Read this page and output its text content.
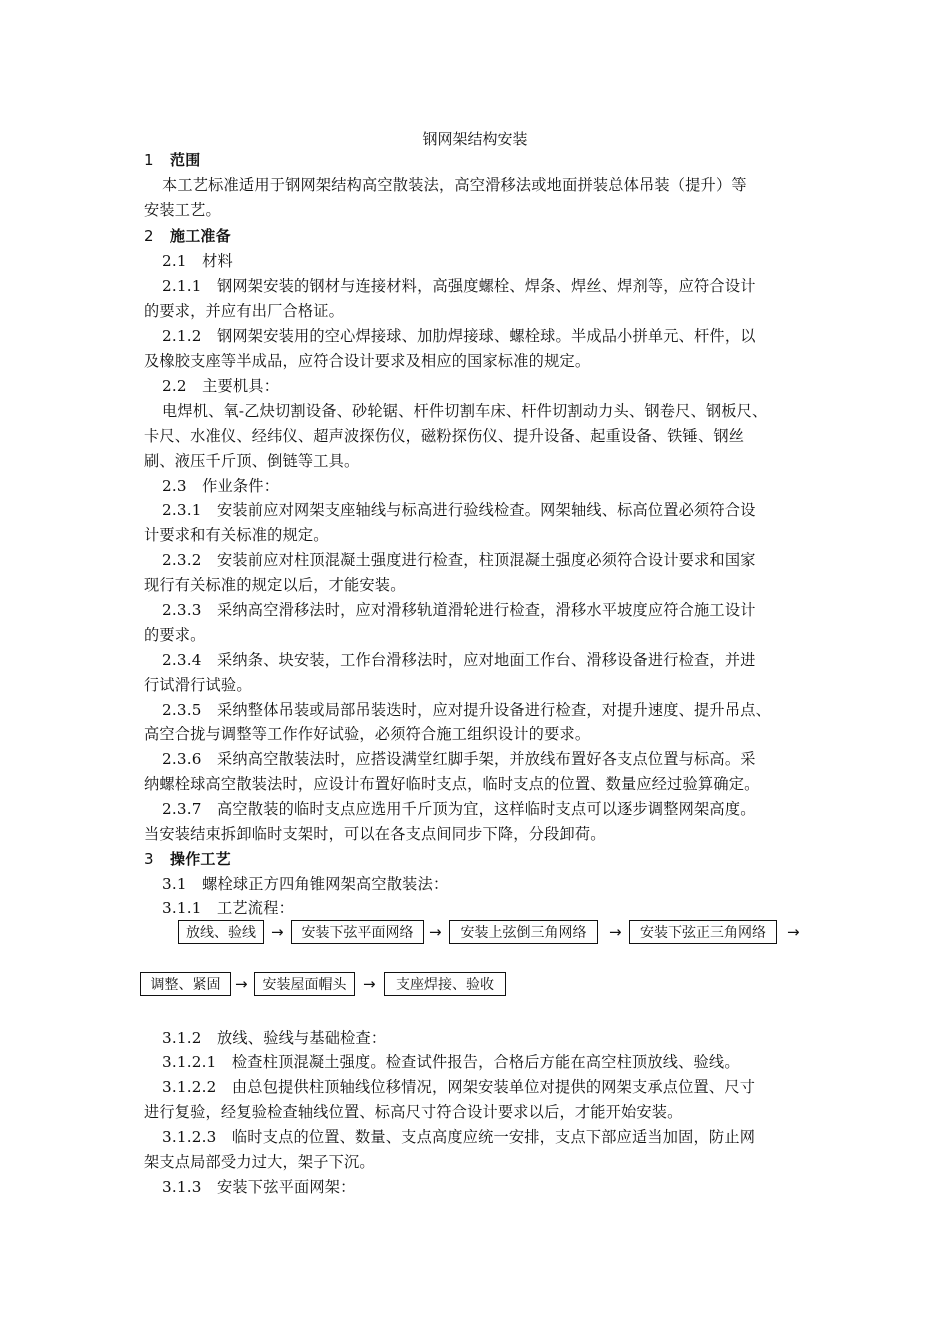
钢网架结构安装
1 范围
本工艺标准适用于钢网架结构高空散装法，高空滑移法或地面拼装总体吊装（提升）等
安装工艺。
2 施工准备
2.1　材料
2.1.1　钢网架安装的钢材与连接材料，高强度螺栓、焊条、焊丝、焊剂等，应符合设计
的要求，并应有出厂合格证。
2.1.2　钢网架安装用的空心焊接球、加肋焊接球、螺栓球。半成品小拼单元、杆件，以
及橡胶支座等半成品，应符合设计要求及相应的国家标准的规定。
2.2　主要机具：
电焊机、氧-乙炔切割设备、砂轮锯、杆件切割车床、杆件切割动力头、钢卷尺、钢板尺、
卡尺、水准仪、经纬仪、超声波探伤仪，磁粉探伤仪、提升设备、起重设备、铁锤、钢丝
刷、液压千斤顶、倒链等工具。
2.3　作业条件：
2.3.1　安装前应对网架支座轴线与标高进行验线检查。网架轴线、标高位置必须符合设
计要求和有关标准的规定。
2.3.2　安装前应对柱顶混凝土强度进行检查，柱顶混凝土强度必须符合设计要求和国家
现行有关标准的规定以后，才能安装。
2.3.3　采纳高空滑移法时，应对滑移轨道滑轮进行检查，滑移水平坡度应符合施工设计
的要求。
2.3.4　采纳条、块安装，工作台滑移法时，应对地面工作台、滑移设备进行检查，并进
行试滑行试验。
2.3.5　采纳整体吊装或局部吊装迭时，应对提升设备进行检查，对提升速度、提升吊点、
高空合拢与调整等工作作好试验，必须符合施工组织设计的要求。
2.3.6　采纳高空散装法时，应搭设满堂红脚手架，并放线布置好各支点位置与标高。采
纳螺栓球高空散装法时，应设计布置好临时支点，临时支点的位置、数量应经过验算确定。
2.3.7　高空散装的临时支点应选用千斤顶为宜，这样临时支点可以逐步调整网架高度。
当安装结束拆卸临时支架时，可以在各支点间同步下降，分段卸荷。
3 操作工艺
3.1　螺栓球正方四角锥网架高空散装法：
3.1.1　工艺流程：
放线、验线	→	安装下弦平面网络	→	安装上弦倒三角网络	→	安装下弦正三角网络	→
调整、紧固 →	安装屋面帽头	→	支座焊接、验收
3.1.2　放线、验线与基础检查：
3.1.2.1　检查柱顶混凝土强度。检查试件报告，合格后方能在高空柱顶放线、验线。
3.1.2.2　由总包提供柱顶轴线位移情况，网架安装单位对提供的网架支承点位置、尺寸
进行复验，经复验检查轴线位置、标高尺寸符合设计要求以后，才能开始安装。
3.1.2.3　临时支点的位置、数量、支点高度应统一安排，支点下部应适当加固，防止网
架支点局部受力过大，架子下沉。
3.1.3　安装下弦平面网架：
